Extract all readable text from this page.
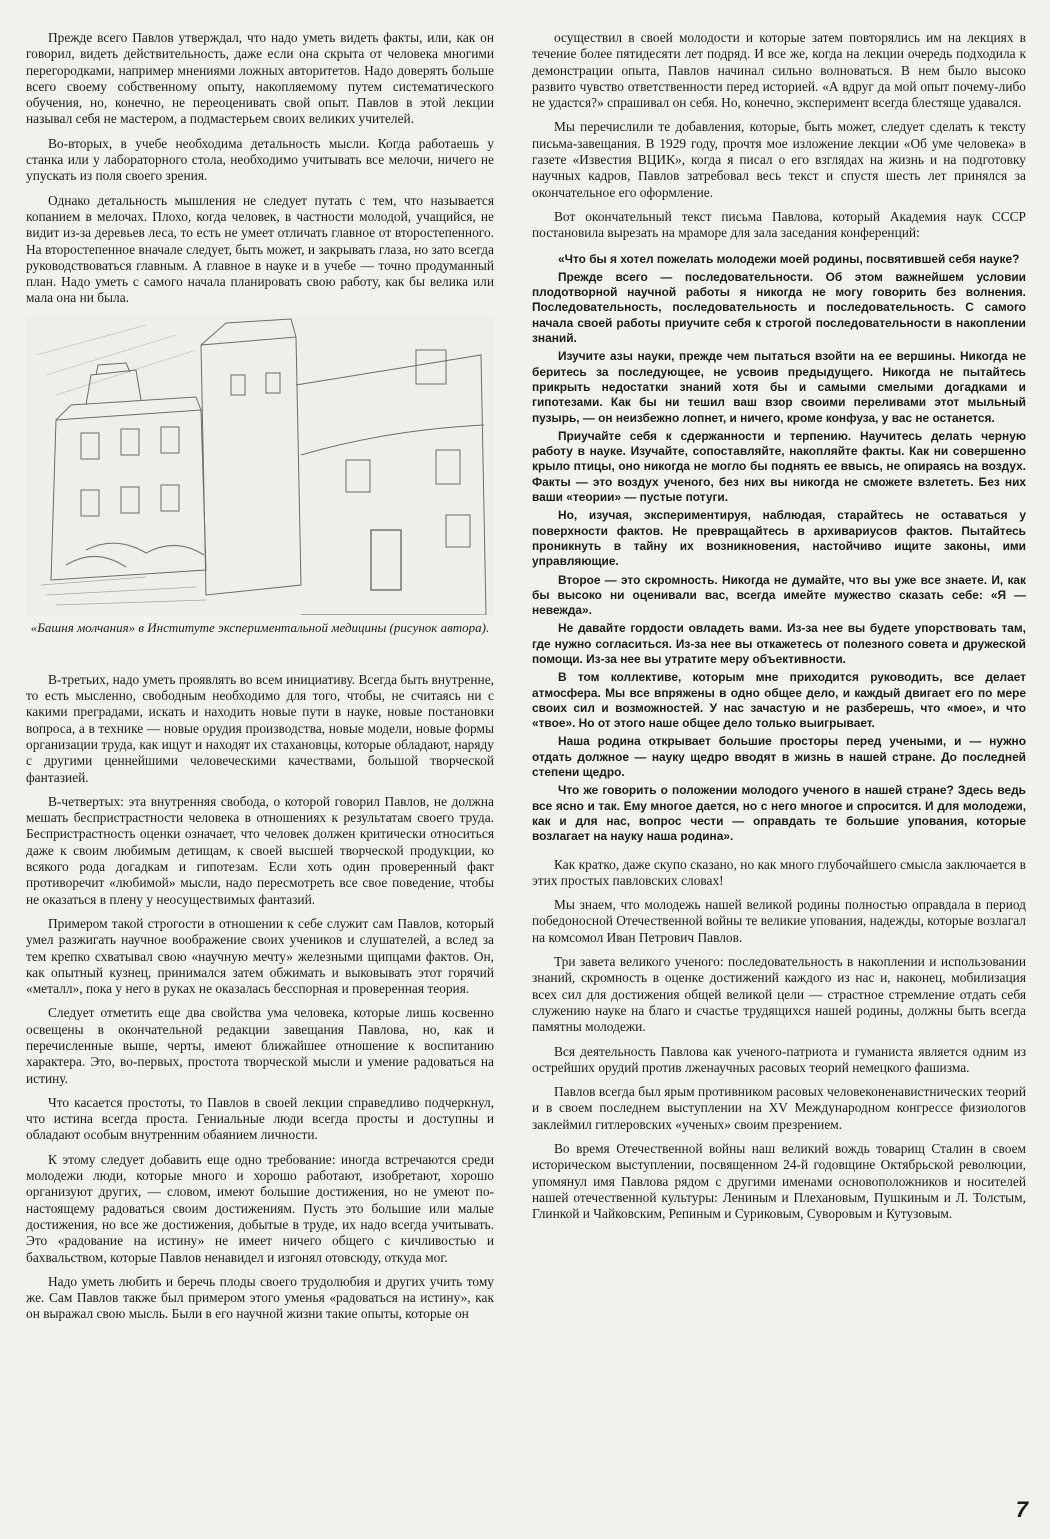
Прежде всего Павлов утверждал, что надо уметь видеть факты, или, как он говорил, видеть действительность, даже если она скрыта от человека многими перегородками, например мнениями ложных авторитетов. Надо доверять больше всего своему собственному опыту, накопляемому путем систематического обучения, но, конечно, не переоценивать свой опыт. Павлов в этой лекции называл себя не мастером, а подмастерьем своих великих учителей.

Во-вторых, в учебе необходима детальность мысли. Когда работаешь у станка или у лабораторного стола, необходимо учитывать все мелочи, ничего не упускать из поля своего зрения.

Однако детальность мышления не следует путать с тем, что называется копанием в мелочах. Плохо, когда человек, в частности молодой, учащийся, не видит из-за деревьев леса, то есть не умеет отличать главное от второстепенного. На второстепенное вначале следует, быть может, и закрывать глаза, но зато всегда руководствоваться главным. А главное в науке и в учебе — точно продуманный план. Надо уметь с самого начала планировать свою работу, как бы велика или мала она ни была.

«Башня молчания» в Институте экспериментальной медицины (рисунок автора).

В-третьих, надо уметь проявлять во всем инициативу. Всегда быть внутренне, то есть мысленно, свободным необходимо для того, чтобы, не считаясь ни с какими преградами, искать и находить новые пути в науке, новые постановки вопроса, а в технике — новые орудия производства, новые модели, новые формы организации труда, как ищут и находят их стахановцы, которые обладают, наряду с другими ценнейшими человеческими качествами, большой творческой фантазией.

В-четвертых: эта внутренняя свобода, о которой говорил Павлов, не должна мешать беспристрастности человека в отношениях к результатам своего труда. Беспристрастность оценки означает, что человек должен критически относиться даже к своим любимым детищам, к своей высшей творческой продукции, ко всякого рода догадкам и гипотезам. Если хоть один проверенный факт противоречит «любимой» мысли, надо пересмотреть все свое поведение, чтобы не оказаться в плену у неосуществимых фантазий.

Примером такой строгости в отношении к себе служит сам Павлов, который умел разжигать научное воображение своих учеников и слушателей, а вслед за тем крепко схватывал свою «научную мечту» железными щипцами фактов. Он, как опытный кузнец, принимался затем обжимать и выковывать этот горячий «металл», пока у него в руках не оказалась бесспорная и проверенная теория.

Следует отметить еще два свойства ума человека, которые лишь косвенно освещены в окончательной редакции завещания Павлова, но, как и перечисленные выше, черты, имеют ближайшее отношение к воспитанию характера. Это, во-первых, простота творческой мысли и умение радоваться на истину.

Что касается простоты, то Павлов в своей лекции справедливо подчеркнул, что истина всегда проста. Гениальные люди всегда просты и доступны и обладают особым внутренним обаянием личности.

К этому следует добавить еще одно требование: иногда встречаются среди молодежи люди, которые много и хорошо работают, изобретают, хорошо организуют других, — словом, имеют большие достижения, но не умеют по-настоящему радоваться своим достижениям. Пусть это большие или малые достижения, но все же достижения, добытые в труде, их надо всегда учитывать. Это «радование на истину» не имеет ничего общего с кичливостью и бахвальством, которые Павлов ненавидел и изгонял отовсюду, откуда мог.

Надо уметь любить и беречь плоды своего трудолюбия и других учить тому же. Сам Павлов также был примером этого уменья «радоваться на истину», как он выражал свою мысль. Были в его научной жизни такие опыты, которые он

осуществил в своей молодости и которые затем повторялись им на лекциях в течение более пятидесяти лет подряд. И все же, когда на лекции очередь подходила к демонстрации опыта, Павлов начинал сильно волноваться. В нем было высоко развито чувство ответственности перед историей. «А вдруг да мой опыт почему-либо не удастся?» спрашивал он себя. Но, конечно, эксперимент всегда блестяще удавался.

Мы перечислили те добавления, которые, быть может, следует сделать к тексту письма-завещания. В 1929 году, прочтя мое изложение лекции «Об уме человека» в газете «Известия ВЦИК», когда я писал о его взглядах на жизнь и на подготовку научных кадров, Павлов затребовал весь текст и спустя шесть лет принялся за окончательное его оформление.

Вот окончательный текст письма Павлова, который Академия наук СССР постановила вырезать на мраморе для зала заседания конференций:

«Что бы я хотел пожелать молодежи моей родины, посвятившей себя науке?

Прежде всего — последовательности. Об этом важнейшем условии плодотворной научной работы я никогда не могу говорить без волнения. Последовательность, последовательность и последовательность. С самого начала своей работы приучите себя к строгой последовательности в накоплении знаний.

Изучите азы науки, прежде чем пытаться взойти на ее вершины. Никогда не беритесь за последующее, не усвоив предыдущего. Никогда не пытайтесь прикрыть недостатки знаний хотя бы и самыми смелыми догадками и гипотезами. Как бы ни тешил ваш взор своими переливами этот мыльный пузырь, — он неизбежно лопнет, и ничего, кроме конфуза, у вас не останется.

Приучайте себя к сдержанности и терпению. Научитесь делать черную работу в науке. Изучайте, сопоставляйте, накопляйте факты. Как ни совершенно крыло птицы, оно никогда не могло бы поднять ее ввысь, не опираясь на воздух. Факты — это воздух ученого, без них вы никогда не сможете взлететь. Без них ваши «теории» — пустые потуги.

Но, изучая, экспериментируя, наблюдая, старайтесь не оставаться у поверхности фактов. Не превращайтесь в архивариусов фактов. Пытайтесь проникнуть в тайну их возникновения, настойчиво ищите законы, ими управляющие.

Второе — это скромность. Никогда не думайте, что вы уже все знаете. И, как бы высоко ни оценивали вас, всегда имейте мужество сказать себе: «Я — невежда».

Не давайте гордости овладеть вами. Из-за нее вы будете упорствовать там, где нужно согласиться. Из-за нее вы откажетесь от полезного совета и дружеской помощи. Из-за нее вы утратите меру объективности.

В том коллективе, которым мне приходится руководить, все делает атмосфера. Мы все впряжены в одно общее дело, и каждый двигает его по мере своих сил и возможностей. У нас зачастую и не разберешь, что «мое», и что «твое». Но от этого наше общее дело только выигрывает.

Наша родина открывает большие просторы перед учеными, и — нужно отдать должное — науку щедро вводят в жизнь в нашей стране. До последней степени щедро.

Что же говорить о положении молодого ученого в нашей стране? Здесь ведь все ясно и так. Ему многое дается, но с него многое и спросится. И для молодежи, как и для нас, вопрос чести — оправдать те большие упования, которые возлагает на науку наша родина».

Как кратко, даже скупо сказано, но как много глубочайшего смысла заключается в этих простых павловских словах!

Мы знаем, что молодежь нашей великой родины полностью оправдала в период победоносной Отечественной войны те великие упования, надежды, которые возлагал на комсомол Иван Петрович Павлов.

Три завета великого ученого: последовательность в накоплении и использовании знаний, скромность в оценке достижений каждого из нас и, наконец, мобилизация всех сил для достижения общей великой цели — страстное стремление отдать себя служению науке на благо и счастье трудящихся нашей родины, должны быть всегда памятны молодежи.

Вся деятельность Павлова как ученого-патриота и гуманиста является одним из острейших орудий против лженаучных расовых теорий немецкого фашизма.

Павлов всегда был ярым противником расовых человеконенавистнических теорий и в своем последнем выступлении на XV Международном конгрессе физиологов заклеймил гитлеровских «ученых» своим презрением.

Во время Отечественной войны наш великий вождь товарищ Сталин в своем историческом выступлении, посвященном 24-й годовщине Октябрьской революции, упомянул имя Павлова рядом с другими именами основоположников и носителей нашей отечественной культуры: Лениным и Плехановым, Пушкиным и Л. Толстым, Глинкой и Чайковским, Репиным и Суриковым, Суворовым и Кутузовым.

7
